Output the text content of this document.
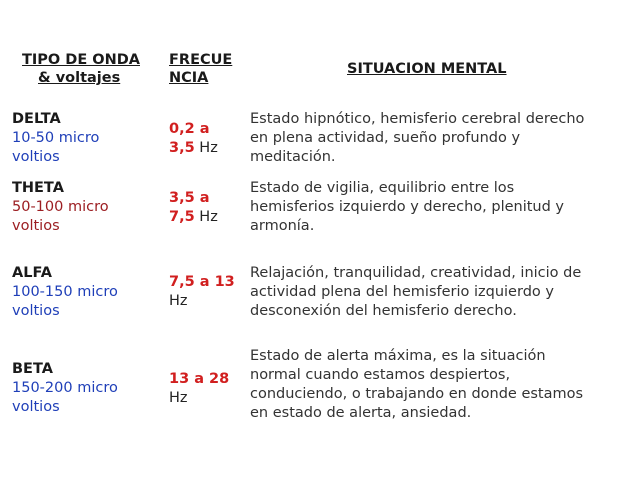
TIPO DE ONDA
& voltajes
FRECUE
NCIA
SITUACION MENTAL
DELTA
10-50 micro
voltios
0,2 a
3,5 Hz
Estado hipnótico, hemisferio cerebral derecho
en plena actividad, sueño profundo y
meditación.
THETA
50-100 micro
voltios
3,5 a
7,5 Hz
Estado de vigilia, equilibrio entre los
hemisferios izquierdo y derecho, plenitud y
armonía.
ALFA
100-150 micro
voltios
7,5 a 13
Hz
Relajación, tranquilidad, creatividad, inicio de
actividad plena del hemisferio izquierdo y
desconexión del hemisferio derecho.
BETA
150-200 micro
voltios
13 a 28
Hz
Estado de alerta máxima, es la situación
normal cuando estamos despiertos,
conduciendo, o trabajando en donde estamos
en estado de alerta, ansiedad.
